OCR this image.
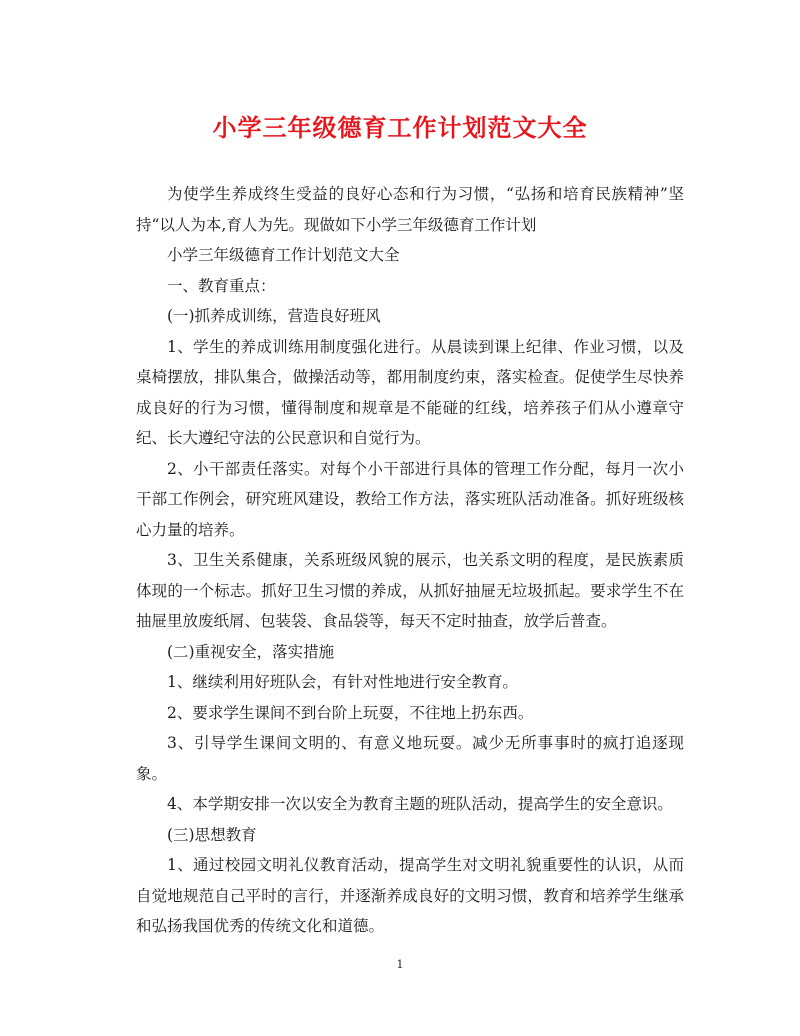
小学三年级德育工作计划范文大全

为使学生养成终生受益的良好心态和行为习惯，“弘扬和培育民族精神”坚持“以人为本,育人为先。现做如下小学三年级德育工作计划

小学三年级德育工作计划范文大全

一、教育重点：

(一)抓养成训练，营造良好班风

1、学生的养成训练用制度强化进行。从晨读到课上纪律、作业习惯，以及桌椅摆放，排队集合，做操活动等，都用制度约束，落实检查。促使学生尽快养成良好的行为习惯，懂得制度和规章是不能碰的红线，培养孩子们从小遵章守纪、长大遵纪守法的公民意识和自觉行为。

2、小干部责任落实。对每个小干部进行具体的管理工作分配，每月一次小干部工作例会，研究班风建设，教给工作方法，落实班队活动准备。抓好班级核心力量的培养。

3、卫生关系健康，关系班级风貌的展示，也关系文明的程度，是民族素质体现的一个标志。抓好卫生习惯的养成，从抓好抽屉无垃圾抓起。要求学生不在抽屉里放废纸屑、包装袋、食品袋等，每天不定时抽查，放学后普查。

(二)重视安全，落实措施

1、继续利用好班队会，有针对性地进行安全教育。

2、要求学生课间不到台阶上玩耍，不往地上扔东西。

3、引导学生课间文明的、有意义地玩耍。减少无所事事时的疯打追逐现象。

4、本学期安排一次以安全为教育主题的班队活动，提高学生的安全意识。

(三)思想教育

1、通过校园文明礼仪教育活动，提高学生对文明礼貌重要性的认识，从而自觉地规范自己平时的言行，并逐渐养成良好的文明习惯，教育和培养学生继承和弘扬我国优秀的传统文化和道德。

1
